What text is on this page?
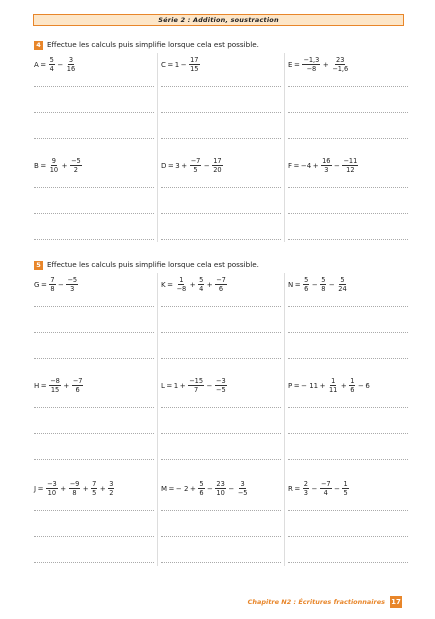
Série 2 : Addition, soustraction
4 Effectue les calculs puis simplifie lorsque cela est possible.
$A = \frac{5}{4} - \frac{3}{16}$	$C = 1 - \frac{17}{15}$	$E = \frac{-1,3}{-8} + \frac{23}{-1,6}$
$B = \frac{9}{10} + \frac{-5}{2}$	$D = 3 + \frac{-7}{5} - \frac{17}{20}$	$F = -4 + \frac{16}{3} - \frac{-11}{12}$
5 Effectue les calculs puis simplifie lorsque cela est possible.
$G = \frac{7}{8} - \frac{-5}{3}$	$K = \frac{1}{-8} + \frac{5}{4} + \frac{-7}{6}$	$N = \frac{5}{6} - \frac{5}{8} - \frac{5}{24}$
$H = \frac{-8}{15} + \frac{-7}{6}$	$L = 1 + \frac{-15}{7} - \frac{-3}{-5}$	P = − $11 + \frac{1}{11} + \frac{1}{6} - 6$
$J = \frac{-3}{10} + \frac{-9}{8} + \frac{7}{5} + \frac{3}{2}$	M = − $2 + \frac{5}{6} - \frac{23}{10} - \frac{3}{-5}$	$R = \frac{2}{3} - \frac{-7}{4} - \frac{1}{5}$
Chapitre N2 : Écritures fractionnaires 17
